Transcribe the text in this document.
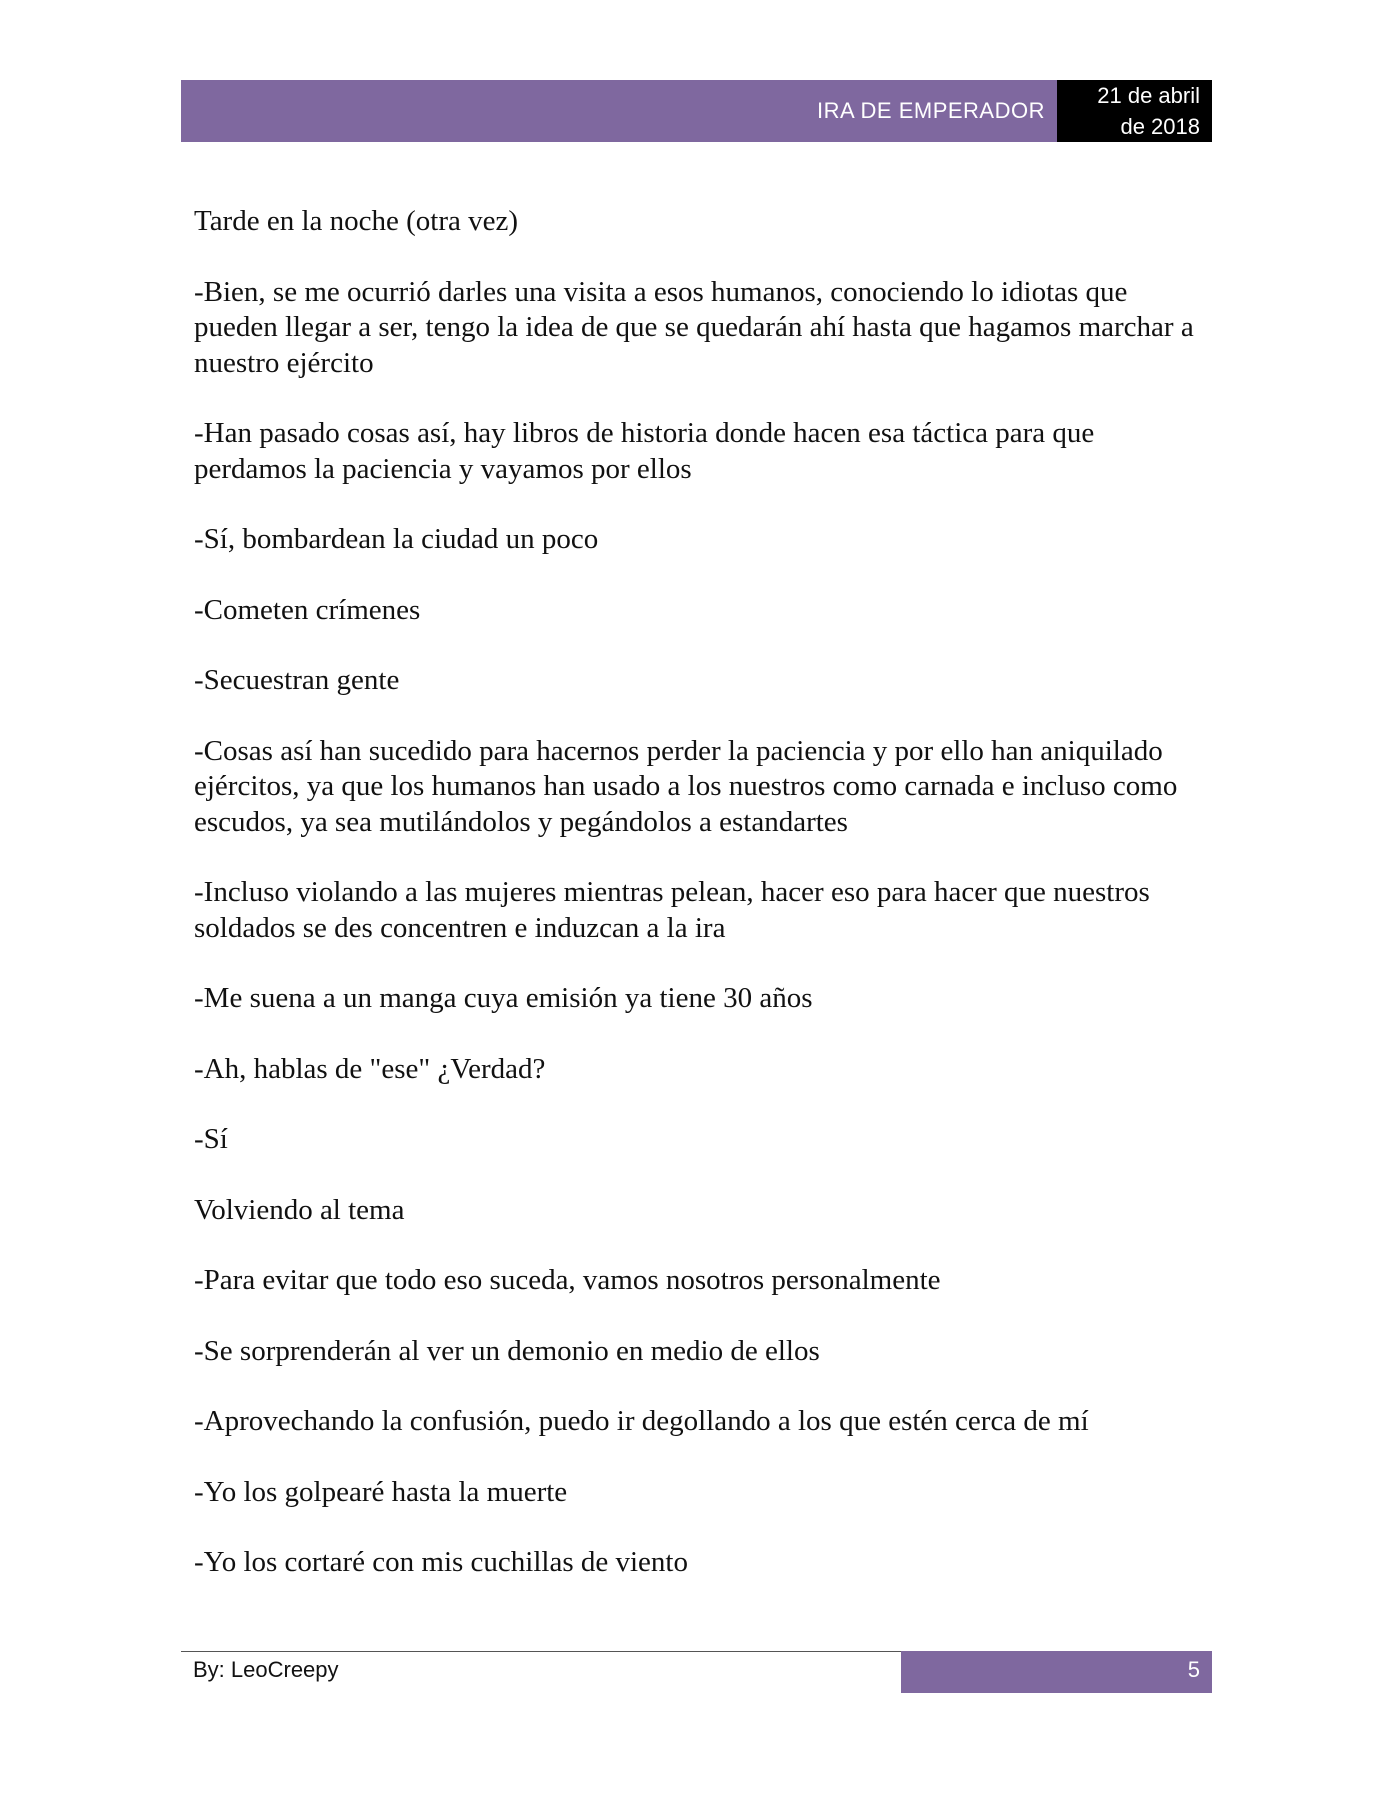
IRA DE EMPERADOR
21 de abril
de 2018

Tarde en la noche (otra vez)

-Bien, se me ocurrió darles una visita a esos humanos, conociendo lo idiotas que pueden llegar a ser, tengo la idea de que se quedarán ahí hasta que hagamos marchar a nuestro ejército

-Han pasado cosas así, hay libros de historia donde hacen esa táctica para que perdamos la paciencia y vayamos por ellos

-Sí, bombardean la ciudad un poco

-Cometen crímenes

-Secuestran gente

-Cosas así han sucedido para hacernos perder la paciencia y por ello han aniquilado ejércitos, ya que los humanos han usado a los nuestros como carnada e incluso como escudos, ya sea mutilándolos y pegándolos a estandartes

-Incluso violando a las mujeres mientras pelean, hacer eso para hacer que nuestros soldados se des concentren e induzcan a la ira

-Me suena a un manga cuya emisión ya tiene 30 años

-Ah, hablas de "ese" ¿Verdad?

-Sí

Volviendo al tema

-Para evitar que todo eso suceda, vamos nosotros personalmente

-Se sorprenderán al ver un demonio en medio de ellos

-Aprovechando la confusión, puedo ir degollando a los que estén cerca de mí

-Yo los golpearé hasta la muerte

-Yo los cortaré con mis cuchillas de viento

By: LeoCreepy	5
